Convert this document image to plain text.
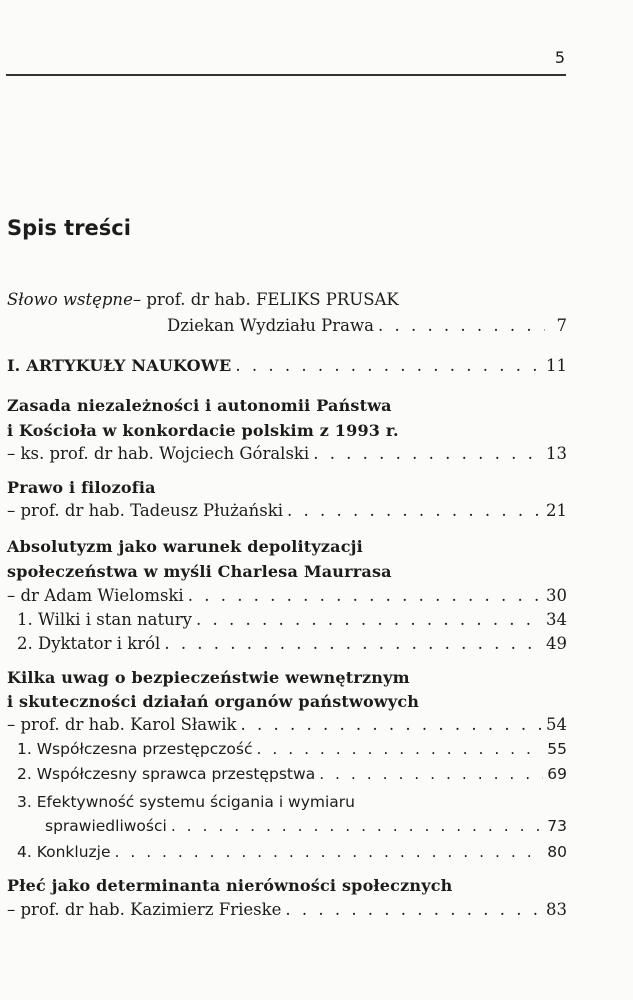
5
Spis treści
Słowo wstępne – prof. dr hab. FELIKS PRUSAK
Dziekan Wydziału Prawa . . .	7
I. ARTYKUŁY NAUKOWE . . .	11
Zasada niezależności i autonomii Państwa
i Kościoła w konkordacie polskim z 1993 r.
– ks. prof. dr hab. Wojciech Góralski . . .	13
Prawo i filozofia
– prof. dr hab. Tadeusz Płużański . . .	21
Absolutyzm jako warunek depolityzacji
społeczeństwa w myśli Charlesa Maurrasa
– dr Adam Wielomski . . .	30
1. Wilki i stan natury . . .	34
2. Dyktator i król . . .	49
Kilka uwag o bezpieczeństwie wewnętrznym
i skuteczności działań organów państwowych
– prof. dr hab. Karol Sławik . . .	54
1. Współczesna przestępczość . . .	55
2. Współczesny sprawca przestępstwa . . .	69
3. Efektywność systemu ścigania i wymiaru
sprawiedliwości . . .	73
4. Konkluzje . . .	80
Płeć jako determinanta nierówności społecznych
– prof. dr hab. Kazimierz Frieske . . .	83
